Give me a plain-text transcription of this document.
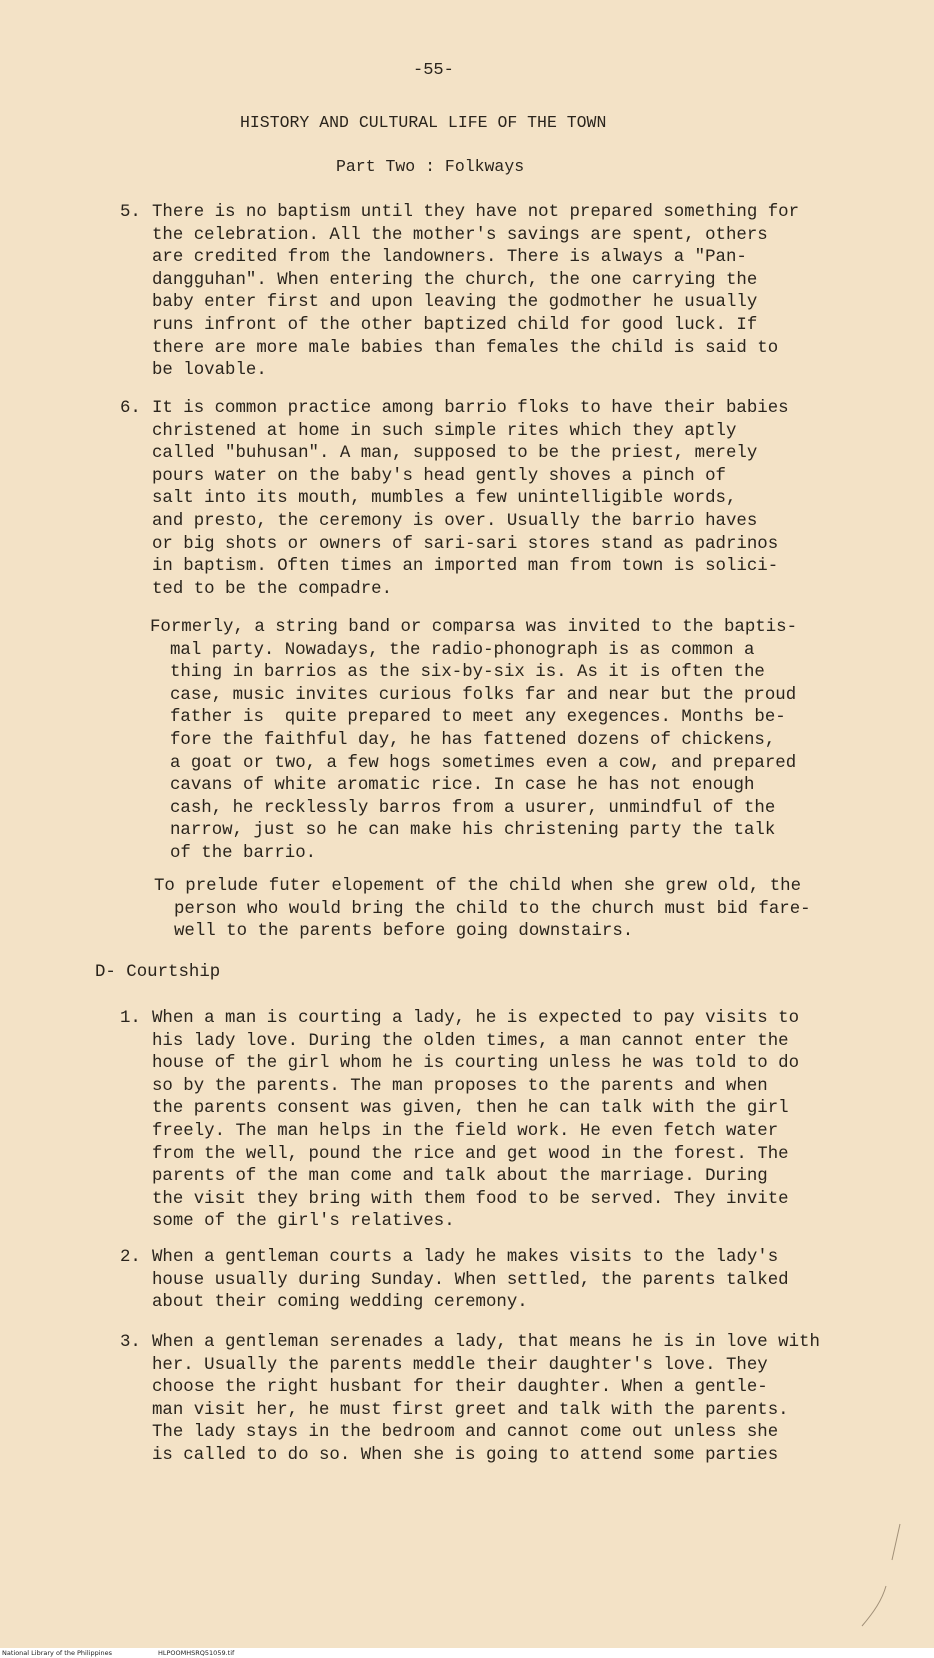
-55-
HISTORY AND CULTURAL LIFE OF THE TOWN
Part Two : Folkways
5. There is no baptism until they have not prepared something for
the celebration. All the mother's savings are spent, others
are credited from the landowners. There is always a "Pan-
dangguhan". When entering the church, the one carrying the
baby enter first and upon leaving the godmother he usually
runs infront of the other baptized child for good luck. If
there are more male babies than females the child is said to
be lovable.
6. It is common practice among barrio floks to have their babies
christened at home in such simple rites which they aptly
called "buhusan". A man, supposed to be the priest, merely
pours water on the baby's head gently shoves a pinch of
salt into its mouth, mumbles a few unintelligible words,
and presto, the ceremony is over. Usually the barrio haves
or big shots or owners of sari-sari stores stand as padrinos
in baptism. Often times an imported man from town is solici-
ted to be the compadre.
Formerly, a string band or comparsa was invited to the baptis-
mal party. Nowadays, the radio-phonograph is as common a
thing in barrios as the six-by-six is. As it is often the
case, music invites curious folks far and near but the proud
father is  quite prepared to meet any exegences. Months be-
fore the faithful day, he has fattened dozens of chickens,
a goat or two, a few hogs sometimes even a cow, and prepared
cavans of white aromatic rice. In case he has not enough
cash, he recklessly barros from a usurer, unmindful of the
narrow, just so he can make his christening party the talk
of the barrio.
To prelude futer elopement of the child when she grew old, the
person who would bring the child to the church must bid fare-
well to the parents before going downstairs.
D- Courtship
1. When a man is courting a lady, he is expected to pay visits to
his lady love. During the olden times, a man cannot enter the
house of the girl whom he is courting unless he was told to do
so by the parents. The man proposes to the parents and when
the parents consent was given, then he can talk with the girl
freely. The man helps in the field work. He even fetch water
from the well, pound the rice and get wood in the forest. The
parents of the man come and talk about the marriage. During
the visit they bring with them food to be served. They invite
some of the girl's relatives.
2. When a gentleman courts a lady he makes visits to the lady's
house usually during Sunday. When settled, the parents talked
about their coming wedding ceremony.
3. When a gentleman serenades a lady, that means he is in love with
her. Usually the parents meddle their daughter's love. They
choose the right husbant for their daughter. When a gentle-
man visit her, he must first greet and talk with the parents.
The lady stays in the bedroom and cannot come out unless she
is called to do so. When she is going to attend some parties

National Library of the Philippines

	HLPOOMHSRQ51059.tif
